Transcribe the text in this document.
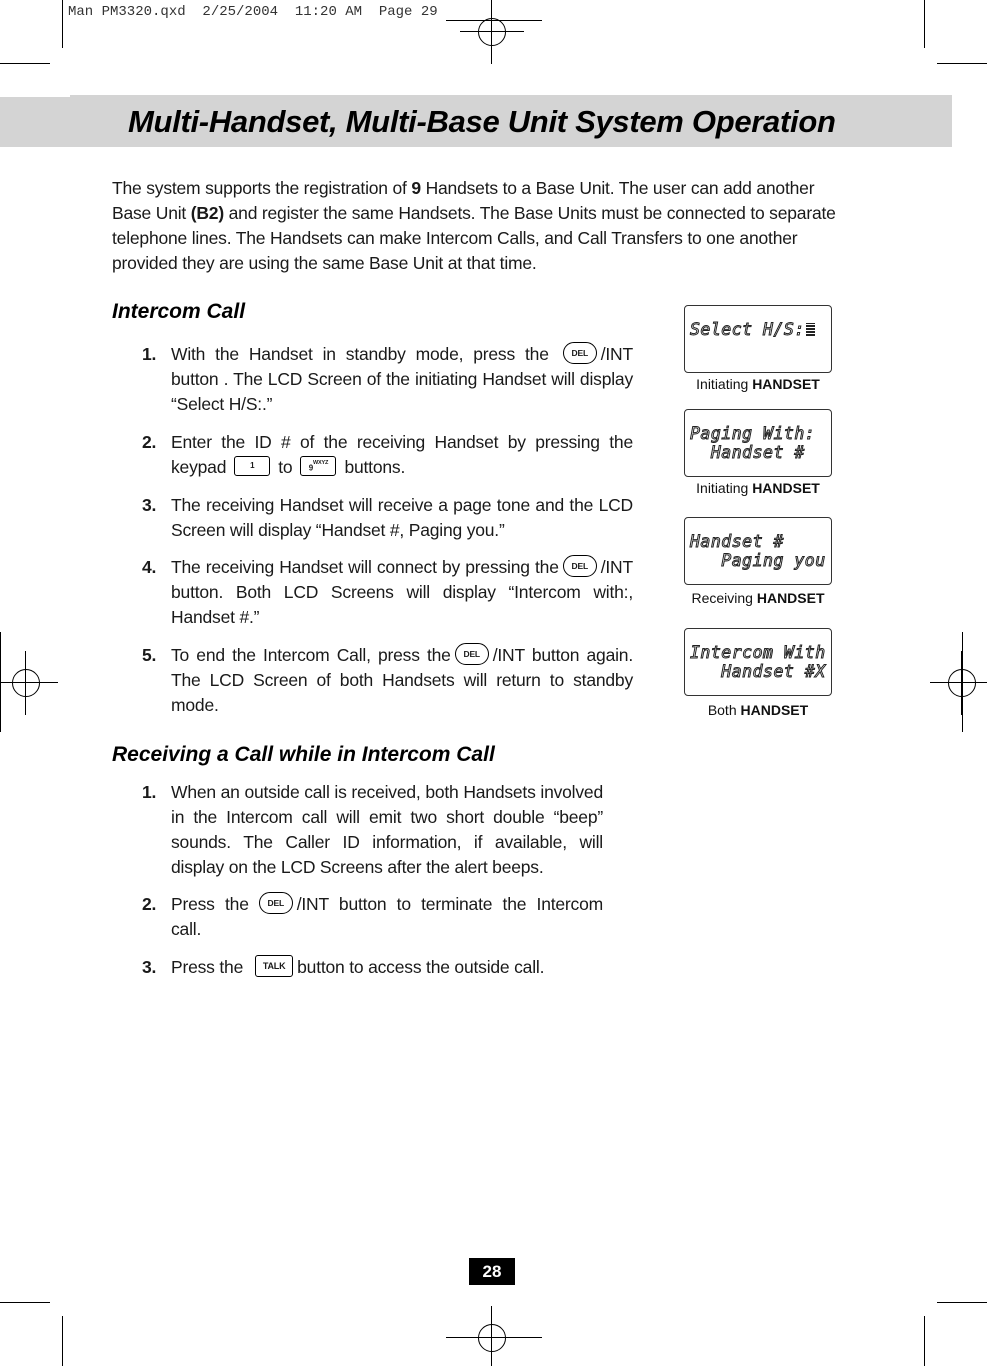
Man PM3320.qxd  2/25/2004  11:20 AM  Page 29
Multi-Handset, Multi-Base Unit System Operation

The system supports the registration of 9 Handsets to a Base Unit. The user can add another Base Unit (B2) and register the same Handsets. The Base Units must be connected to separate telephone lines. The Handsets can make Intercom Calls, and Call Transfers to one another provided they are using the same Base Unit at that time.

Intercom Call
1. With the Handset in standby mode, press the	DEL /INT button . The LCD Screen of the initiating Handset will display “Select H/S:.”
2. Enter the ID # of the receiving Handset by pressing the keypad	1 to $9^{WXYZ}$ buttons.
3. The receiving Handset will receive a page tone and the LCD Screen will display “Handset #, Paging you.”
4. The receiving Handset will connect by pressing the DEL /INT button. Both LCD Screens will display “Intercom with:, Handset #.”
5. To end the Intercom Call, press the DEL /INT button again. The LCD Screen of both Handsets will return to standby mode.
Receiving a Call while in Intercom Call
1. When an outside call is received, both Handsets involved in the Intercom call will emit two short double “beep” sounds. The Caller ID information, if available, will display on the LCD Screens after the alert beeps.
2. Press the DEL /INT button to terminate the Intercom call.
3. Press the TALK button to access the outside call.
Select H/S:
Initiating HANDSET
Paging With:
Handset #
Initiating HANDSET
Handset #
Paging you
Receiving HANDSET
Intercom With
Handset #X
Both HANDSET
28
